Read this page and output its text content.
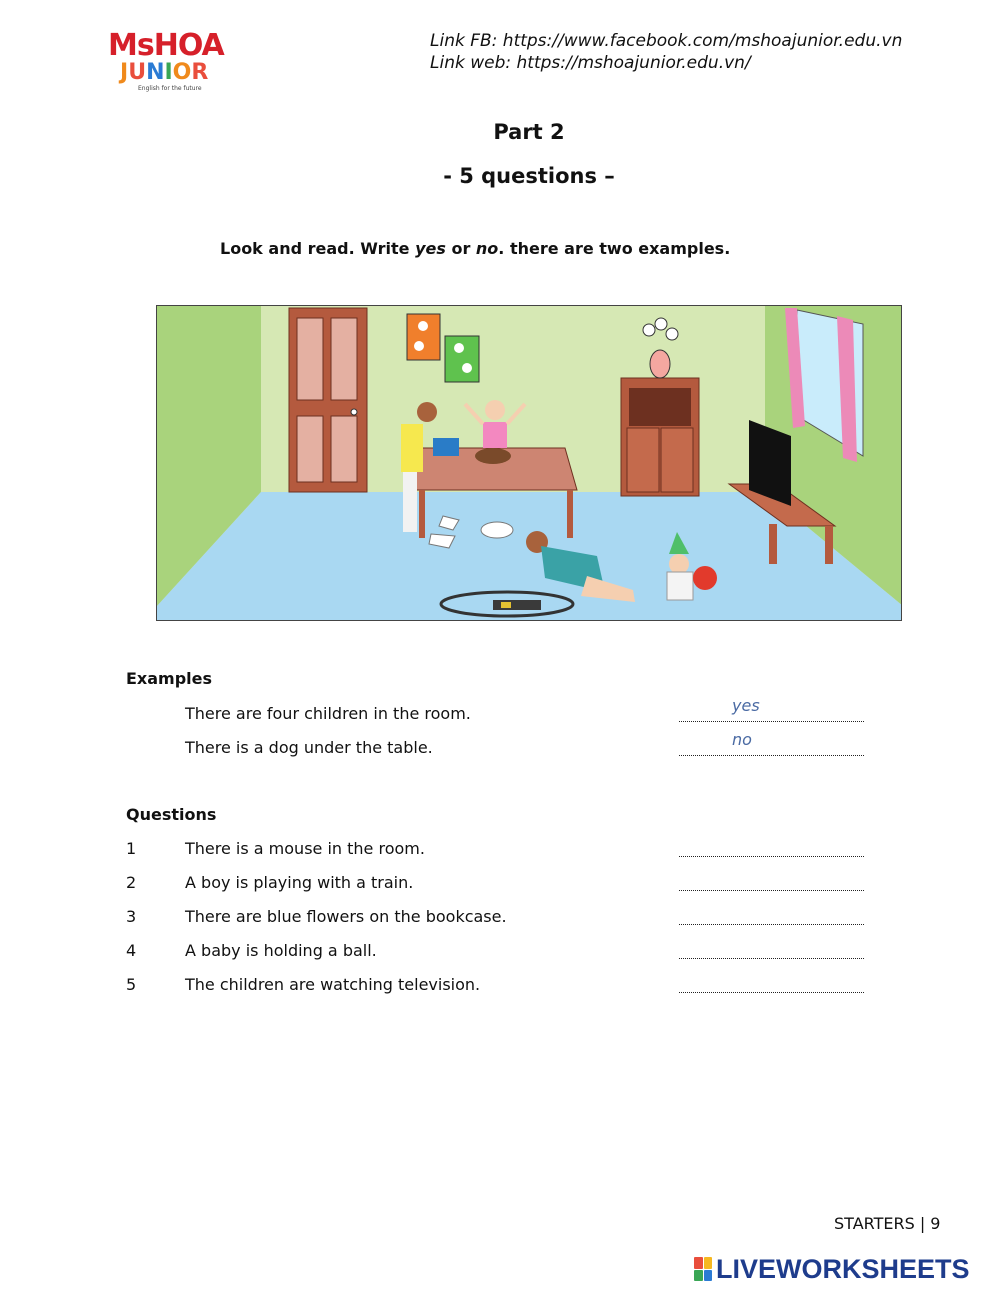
MsHOA
JUNIOR
English for the future
Link FB: https://www.facebook.com/mshoajunior.edu.vn
Link web: https://mshoajunior.edu.vn/
Part 2
- 5 questions –
Look and read. Write yes or no. there are two examples.
Examples
There are four children in the room.	yes
There is a dog under the table.	no
Questions
1	There is a mouse in the room.
2	A boy is playing with a train.
3	There are blue flowers on the bookcase.
4	A baby is holding a ball.
5	The children are watching television.
STARTERS | 9
LIVEWORKSHEETS
